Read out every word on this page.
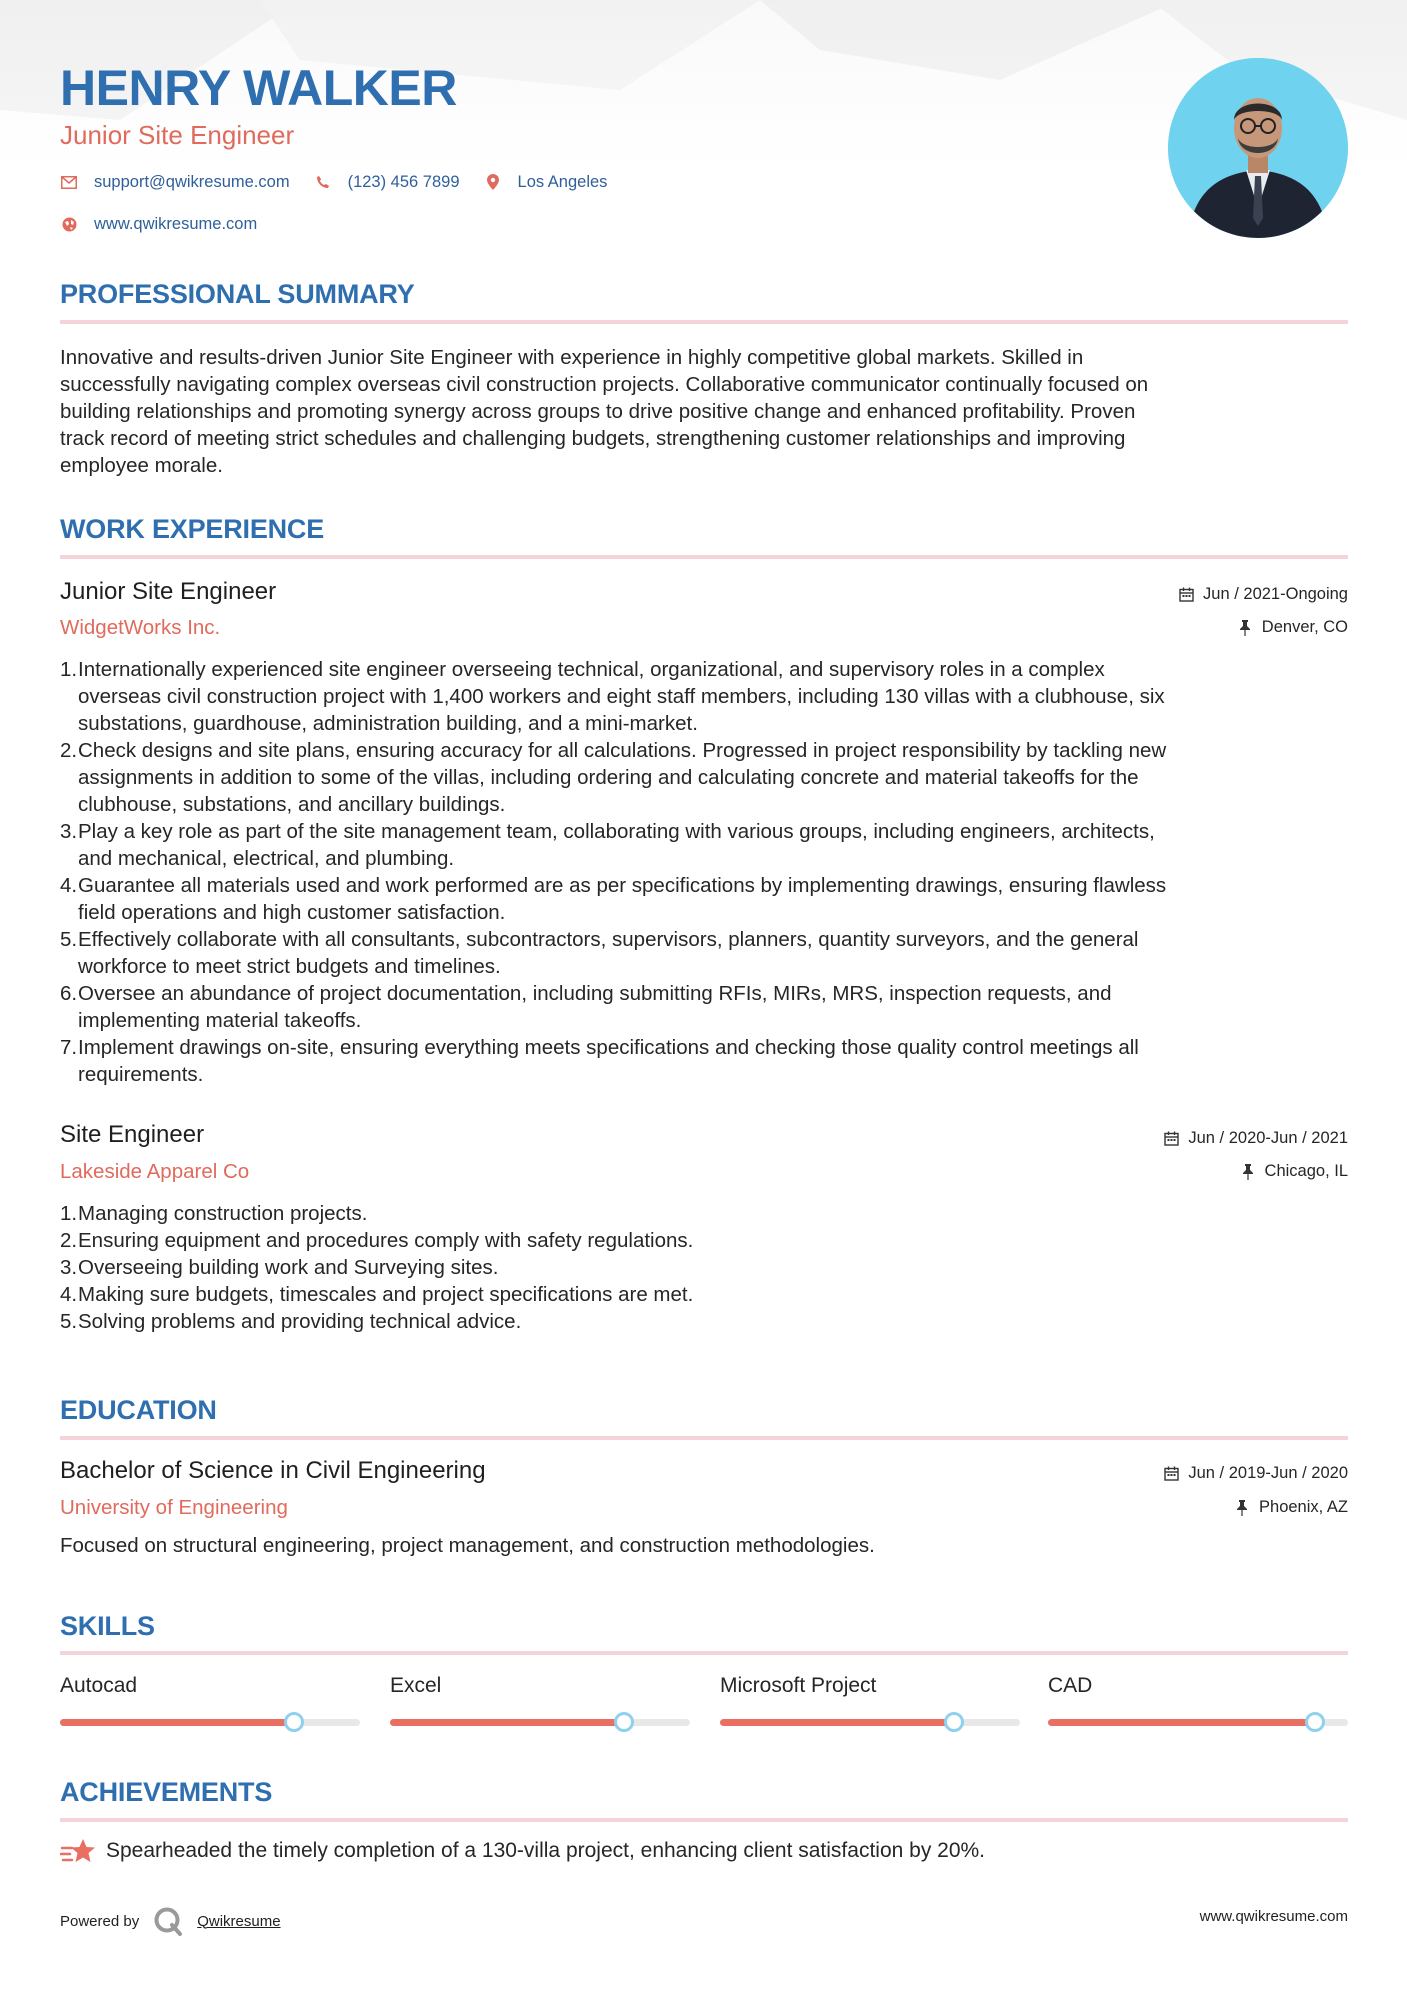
HENRY WALKER
Junior Site Engineer
support@qwikresume.com	(123) 456 7899	Los Angeles
www.qwikresume.com
PROFESSIONAL SUMMARY
Innovative and results-driven Junior Site Engineer with experience in highly competitive global markets. Skilled in
successfully navigating complex overseas civil construction projects. Collaborative communicator continually focused on
building relationships and promoting synergy across groups to drive positive change and enhanced profitability. Proven
track record of meeting strict schedules and challenging budgets, strengthening customer relationships and improving
employee morale.
WORK EXPERIENCE
Junior Site Engineer
WidgetWorks Inc.
Jun / 2021-Ongoing
Denver, CO
1. Internationally experienced site engineer overseeing technical, organizational, and supervisory roles in a complex
overseas civil construction project with 1,400 workers and eight staff members, including 130 villas with a clubhouse, six
substations, guardhouse, administration building, and a mini-market.
2. Check designs and site plans, ensuring accuracy for all calculations. Progressed in project responsibility by tackling new
assignments in addition to some of the villas, including ordering and calculating concrete and material takeoffs for the
clubhouse, substations, and ancillary buildings.
3. Play a key role as part of the site management team, collaborating with various groups, including engineers, architects,
and mechanical, electrical, and plumbing.
4. Guarantee all materials used and work performed are as per specifications by implementing drawings, ensuring flawless
field operations and high customer satisfaction.
5. Effectively collaborate with all consultants, subcontractors, supervisors, planners, quantity surveyors, and the general
workforce to meet strict budgets and timelines.
6. Oversee an abundance of project documentation, including submitting RFIs, MIRs, MRS, inspection requests, and
implementing material takeoffs.
7. Implement drawings on-site, ensuring everything meets specifications and checking those quality control meetings all
requirements.
Site Engineer
Lakeside Apparel Co
Jun / 2020-Jun / 2021
Chicago, IL
1. Managing construction projects.
2. Ensuring equipment and procedures comply with safety regulations.
3. Overseeing building work and Surveying sites.
4. Making sure budgets, timescales and project specifications are met.
5. Solving problems and providing technical advice.
EDUCATION
Bachelor of Science in Civil Engineering
University of Engineering
Jun / 2019-Jun / 2020
Phoenix, AZ
Focused on structural engineering, project management, and construction methodologies.
SKILLS
Autocad	Excel	Microsoft Project	CAD
ACHIEVEMENTS
Spearheaded the timely completion of a 130-villa project, enhancing client satisfaction by 20%.
Powered by	Qwikresume	www.qwikresume.com
